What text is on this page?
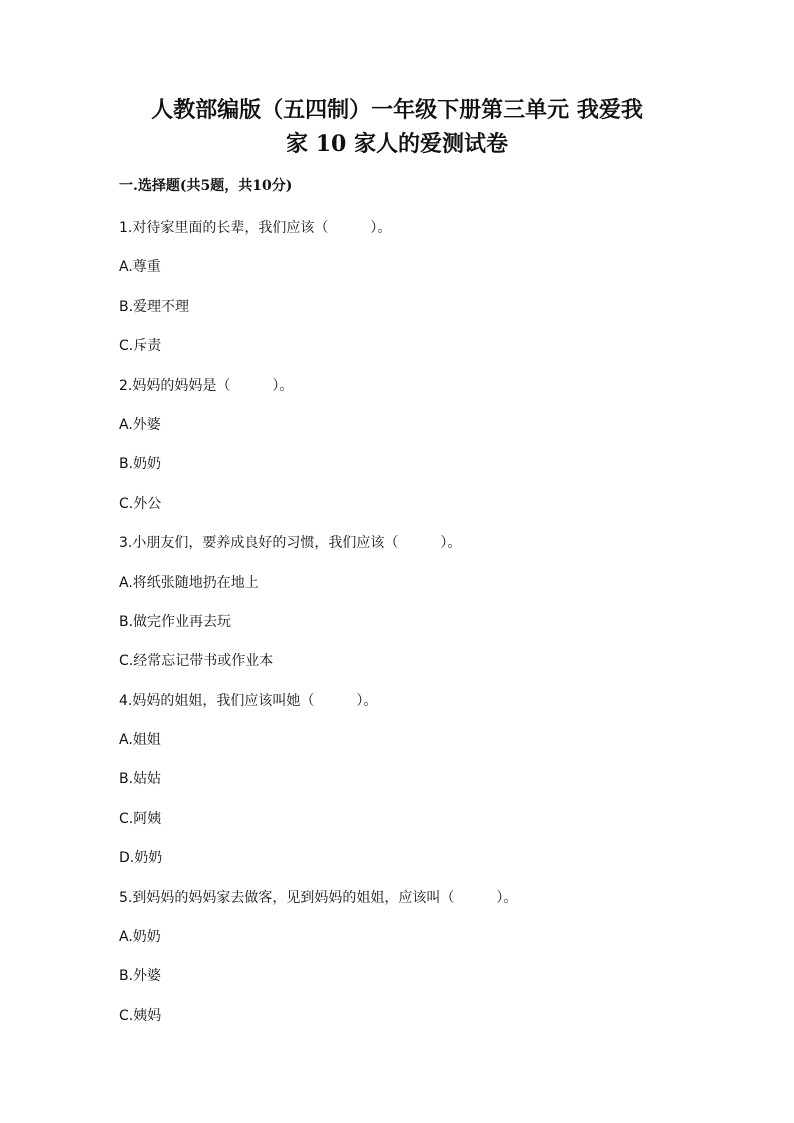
人教部编版（五四制）一年级下册第三单元 我爱我
家 10 家人的爱测试卷
一.选择题(共5题，共10分)
1.对待家里面的长辈，我们应该（　　　）。
A.尊重
B.爱理不理
C.斥责
2.妈妈的妈妈是（　　　）。
A.外婆
B.奶奶
C.外公
3.小朋友们，要养成良好的习惯，我们应该（　　　）。
A.将纸张随地扔在地上
B.做完作业再去玩
C.经常忘记带书或作业本
4.妈妈的姐姐，我们应该叫她（　　　）。
A.姐姐
B.姑姑
C.阿姨
D.奶奶
5.到妈妈的妈妈家去做客，见到妈妈的姐姐，应该叫（　　　）。
A.奶奶
B.外婆
C.姨妈
